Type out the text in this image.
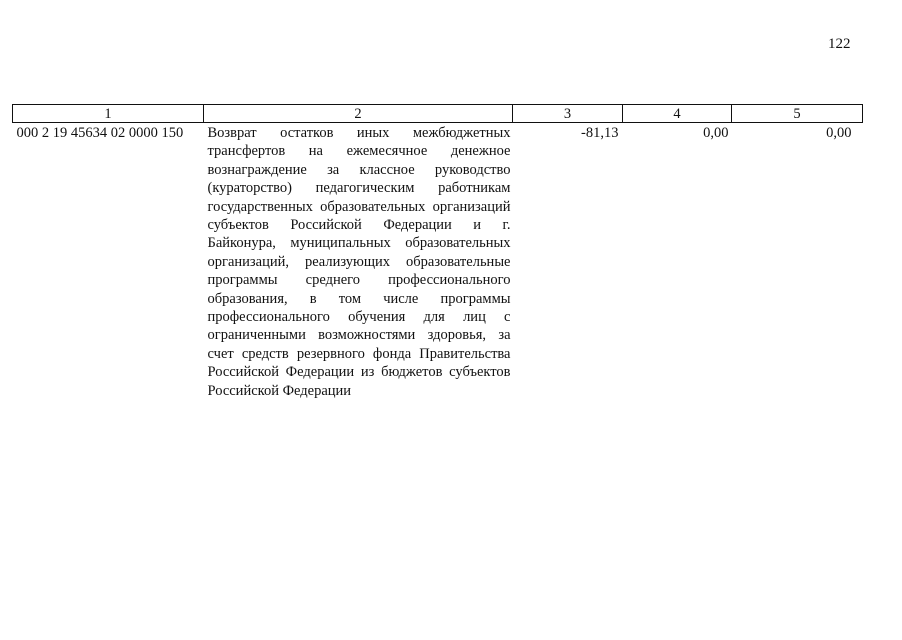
122
1	2	3	4	5
000 2 19 45634 02 0000 150	Возврат остатков иных межбюджетных трансфертов на ежемесячное денежное вознаграждение за классное руководство (кураторство) педагогическим работникам государственных образовательных организаций субъектов Российской Федерации и г. Байконура, муниципальных образовательных организаций, реализующих образовательные программы среднего профессионального образования, в том числе программы профессионального обучения для лиц с ограниченными возможностями здоровья, за счет средств резервного фонда Правительства Российской Федерации из бюджетов субъектов Российской Федерации	-81,13	0,00	0,00
